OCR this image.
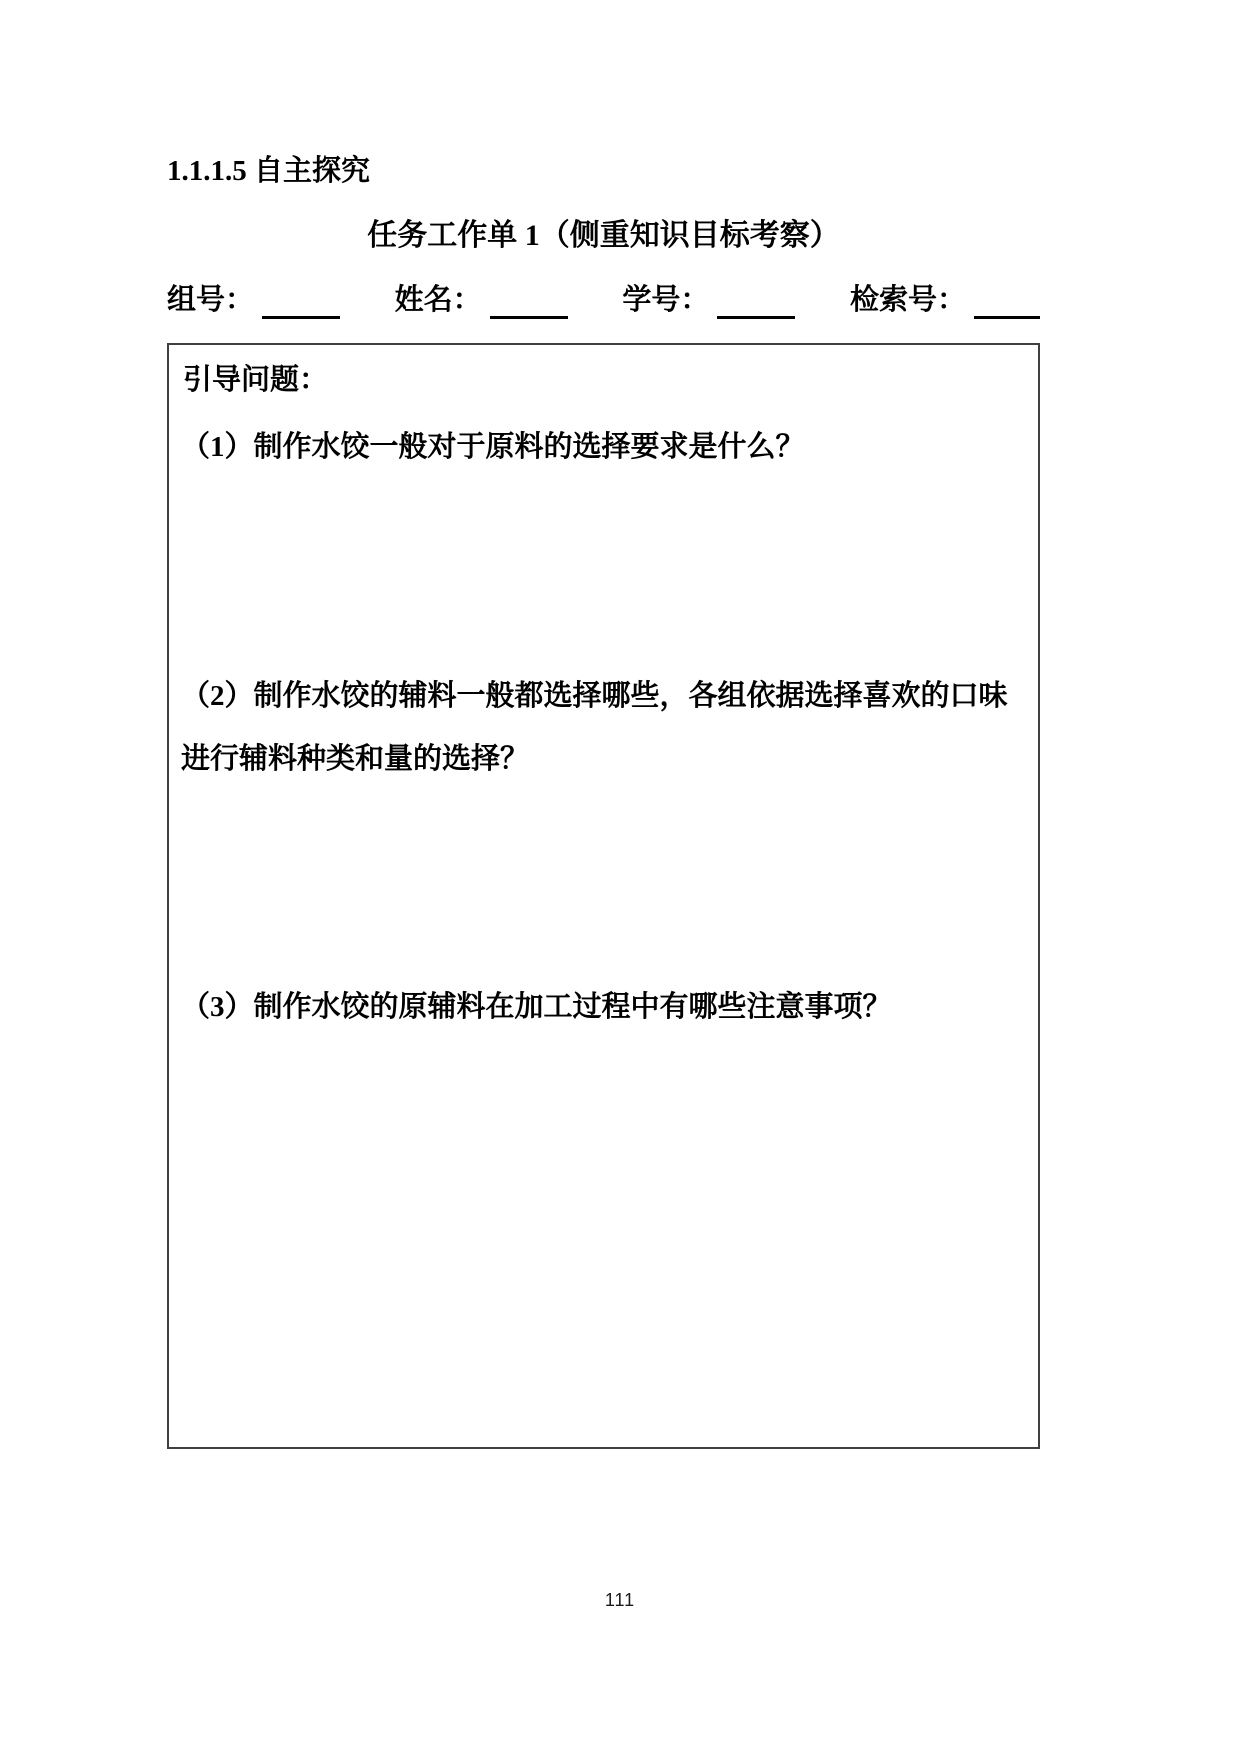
1.1.1.5 自主探究
任务工作单 1（侧重知识目标考察）
组号：	姓名：	学号：	检索号：
引导问题：
（1）制作水饺一般对于原料的选择要求是什么？
（2）制作水饺的辅料一般都选择哪些，各组依据选择喜欢的口味进行辅料种类和量的选择？
（3）制作水饺的原辅料在加工过程中有哪些注意事项？
111
